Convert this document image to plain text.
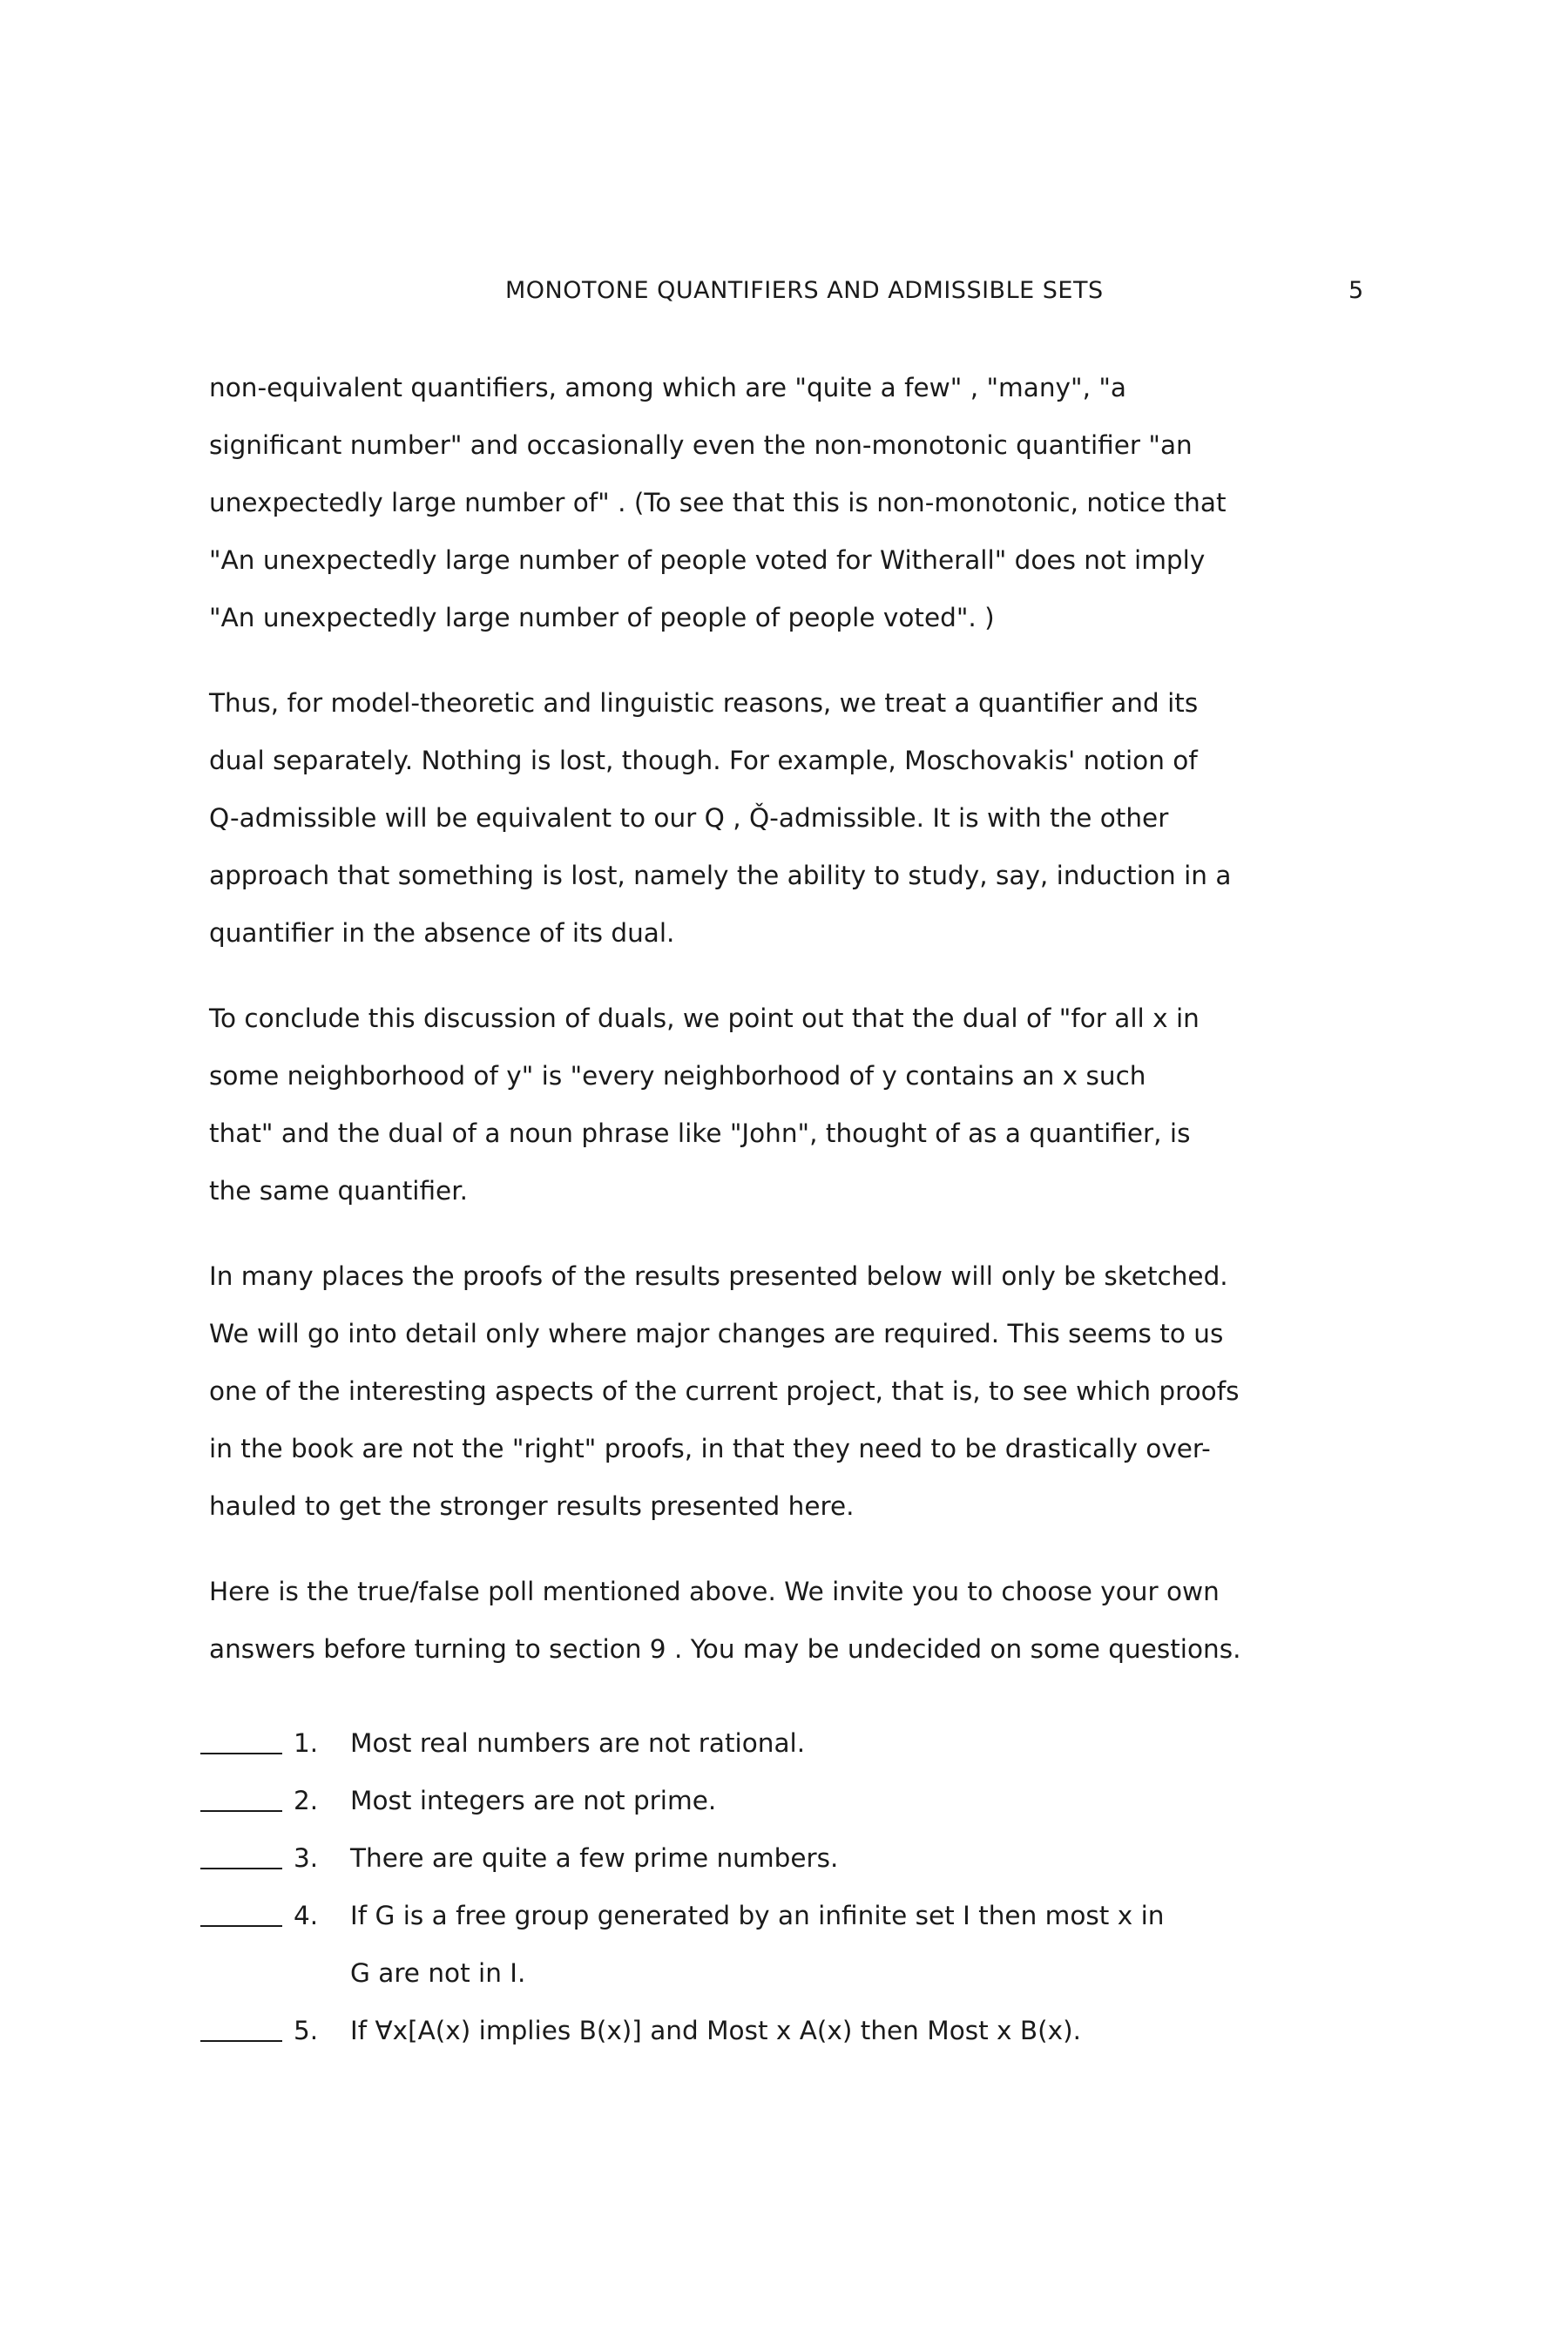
MONOTONE QUANTIFIERS AND ADMISSIBLE SETS	5
non-equivalent quantifiers, among which are "quite a few" , "many", "a
significant number" and occasionally even the non-monotonic quantifier "an
unexpectedly large number of" . (To see that this is non-monotonic, notice that
"An unexpectedly large number of people voted for Witherall" does not imply
"An unexpectedly large number of people of people voted". )
Thus, for model-theoretic and linguistic reasons, we treat a quantifier and its
dual separately. Nothing is lost, though. For example, Moschovakis' notion of
Q-admissible will be equivalent to our Q , Q̌-admissible. It is with the other
approach that something is lost, namely the ability to study, say, induction in a
quantifier in the absence of its dual.
To conclude this discussion of duals, we point out that the dual of "for all x in
some neighborhood of y" is "every neighborhood of y contains an x such
that" and the dual of a noun phrase like "John", thought of as a quantifier, is
the same quantifier.
In many places the proofs of the results presented below will only be sketched.
We will go into detail only where major changes are required. This seems to us
one of the interesting aspects of the current project, that is, to see which proofs
in the book are not the "right" proofs, in that they need to be drastically over-
hauled to get the stronger results presented here.
Here is the true/false poll mentioned above. We invite you to choose your own
answers before turning to section 9 . You may be undecided on some questions.
1. Most real numbers are not rational.
2. Most integers are not prime.
3. There are quite a few prime numbers.
4. If G is a free group generated by an infinite set I then most x in
G are not in I.
5. If ∀x[A(x) implies B(x)] and Most x A(x) then Most x B(x).
